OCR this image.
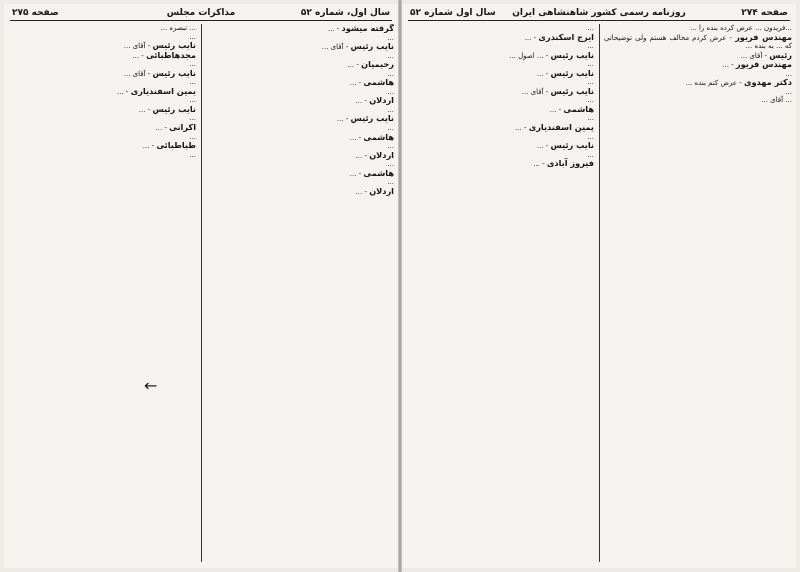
صفحه ۲۷۴
روزنامه رسمی کشور شاهنشاهی ایران
سال اول شماره ۵۲

...فریدون ... عرض کرده بنده را ...

مهندس فریور - عرض کردم مخالف هستم ولی توضیحاتی که ... به بنده ...

رئیس - آقای ...

مهندس فریور - ...

...

دکتر مهدوی - عرض کنم بنده ...

...

... آقای ...

...

ایرج اسکندری - ...

...

نایب رئیس - ... اصول ...

...

نایب رئیس - ...

...

نایب رئیس - آقای ...

...

هاشمی - ...

...

یمین اسفندیاری - ...

...

نایب رئیس - ...

...

فیروز آبادی - ...

سال اول، شماره ۵۲
مذاکرات مجلس
صفحه ۲۷۵

گرفته میشود - ...

...

نایب رئیس - آقای ...

...

رحیمیان - ...

...

هاشمی - ...

...

اردلان - ...

...

نایب رئیس - ...

...

هاشمی - ...

...

اردلان - ...

...

هاشمی - ...

...

اردلان - ...

... تبصره ...

...

نایب رئیس - آقای ...

مجدهاطبائی - ...

...

نایب رئیس - آقای ...

...

یمین اسفندیاری - ...

...

نایب رئیس - ...

...

اکرانی - ...

...

طباطبائی - ...

...

←
